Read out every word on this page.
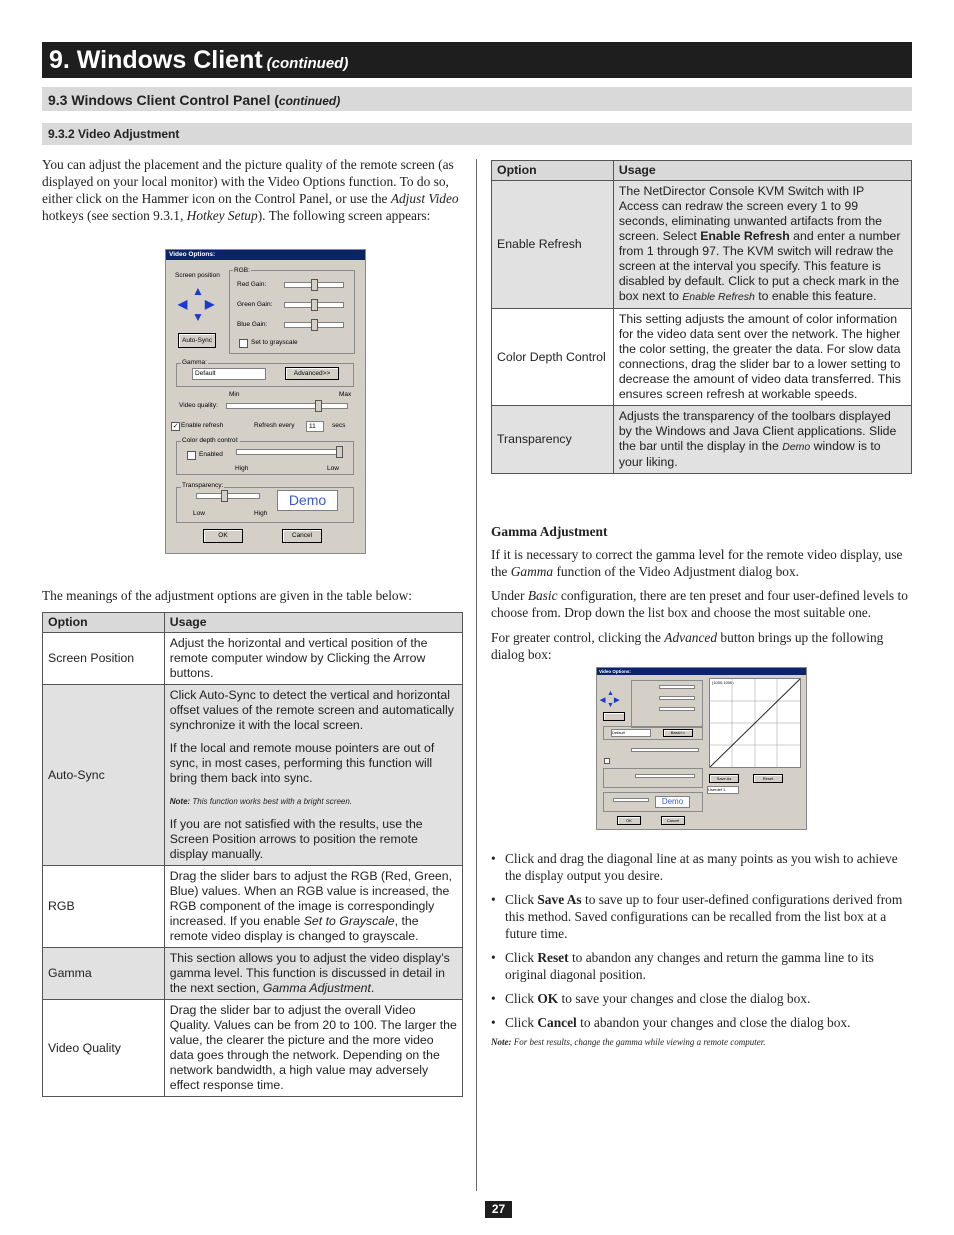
9. Windows Client (continued)
9.3 Windows Client Control Panel (continued)
9.3.2 Video Adjustment

You can adjust the placement and the picture quality of the remote screen (as displayed on your local monitor) with the Video Options function. To do so, either click on the Hammer icon on the Control Panel, or use the Adjust Video hotkeys (see section 9.3.1, Hotkey Setup). The following screen appears:

Video Options:
Screen position
▲
◀ ▶
▼
Auto-Sync
RGB:
Red Gain:
Green Gain:
Blue Gain:
Set to grayscale
Gamma:
Default	Advanced>>
Min	Max
Video quality:
✓ Enable refresh	Refresh every	11	secs
Color depth control:
Enabled
High	Low
Transparency:
Demo
Low	High
OK	Cancel

The meanings of the adjustment options are given in the table below:

Option	Usage
Screen Position	Adjust the horizontal and vertical position of the remote computer window by Clicking the Arrow buttons.
Auto-Sync	Click Auto-Sync to detect the vertical and horizontal offset values of the remote screen and automatically synchronize it with the local screen.

If the local and remote mouse pointers are out of sync, in most cases, performing this function will bring them back into sync.

Note: This function works best with a bright screen.

If you are not satisfied with the results, use the Screen Position arrows to position the remote display manually.

RGB	Drag the slider bars to adjust the RGB (Red, Green, Blue) values. When an RGB value is increased, the RGB component of the image is correspondingly increased. If you enable Set to Grayscale, the remote video display is changed to grayscale.
Gamma	This section allows you to adjust the video display’s gamma level. This function is discussed in detail in the next section, Gamma Adjustment.
Video Quality	Drag the slider bar to adjust the overall Video Quality. Values can be from 20 to 100. The larger the value, the clearer the picture and the more video data goes through the network. Depending on the network bandwidth, a high value may adversely effect response time.
Option	Usage
Enable Refresh	The NetDirector Console KVM Switch with IP Access can redraw the screen every 1 to 99 seconds, eliminating unwanted artifacts from the screen. Select Enable Refresh and enter a number from 1 through 97. The KVM switch will redraw the screen at the interval you specify. This feature is disabled by default. Click to put a check mark in the box next to Enable Refresh to enable this feature.
Color Depth Control	This setting adjusts the amount of color information for the video data sent over the network. The higher the color setting, the greater the data. For slow data connections, drag the slider bar to a lower setting to decrease the amount of video data transferred. This ensures screen refresh at workable speeds.
Transparency	Adjusts the transparency of the toolbars displayed by the Windows and Java Client applications. Slide the bar until the display in the Demo window is to your liking.
Gamma Adjustment

If it is necessary to correct the gamma level for the remote video display, use the Gamma function of the Video Adjustment dialog box.

Under Basic configuration, there are ten preset and four user-defined levels to choose from. Drop down the list box and choose the most suitable one.

For greater control, clicking the Advanced button brings up the following dialog box:

Video Options:
▲
◀ ▶
▼
Default	Basic<<
Demo
OK	Cancel
(1000,1000)
Save As	Reset
Userdef 1
• Click and drag the diagonal line at as many points as you wish to achieve the display output you desire.
• Click Save As to save up to four user-defined configurations derived from this method. Saved configurations can be recalled from the list box at a future time.
• Click Reset to abandon any changes and return the gamma line to its original diagonal position.
• Click OK to save your changes and close the dialog box.
• Click Cancel to abandon your changes and close the dialog box.
Note: For best results, change the gamma while viewing a remote computer.
27
